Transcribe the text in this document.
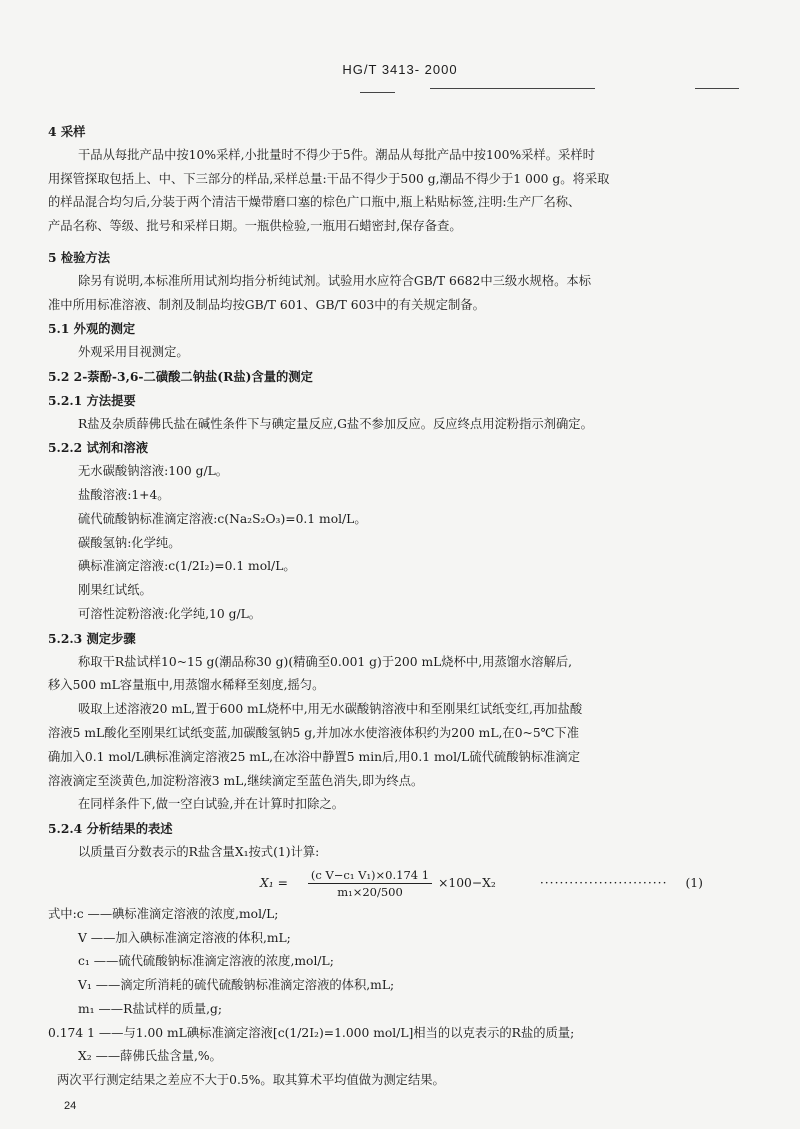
HG/T 3413- 2000

4 采样

干品从每批产品中按10%采样,小批量时不得少于5件。潮品从每批产品中按100%采样。采样时

用探管探取包括上、中、下三部分的样品,采样总量:干品不得少于500 g,潮品不得少于1 000 g。将采取

的样品混合均匀后,分装于两个清洁干燥带磨口塞的棕色广口瓶中,瓶上粘贴标签,注明:生产厂名称、

产品名称、等级、批号和采样日期。一瓶供检验,一瓶用石蜡密封,保存备查。

5 检验方法

除另有说明,本标准所用试剂均指分析纯试剂。试验用水应符合GB/T 6682中三级水规格。本标

准中所用标准溶液、制剂及制品均按GB/T 601、GB/T 603中的有关规定制备。

5.1 外观的测定

外观采用目视测定。

5.2 2-萘酚-3,6-二磺酸二钠盐(R盐)含量的测定

5.2.1 方法提要

R盐及杂质薛佛氏盐在碱性条件下与碘定量反应,G盐不参加反应。反应终点用淀粉指示剂确定。

5.2.2 试剂和溶液

无水碳酸钠溶液:100 g/L。

盐酸溶液:1+4。

硫代硫酸钠标准滴定溶液:c(Na₂S₂O₃)=0.1 mol/L。

碳酸氢钠:化学纯。

碘标准滴定溶液:c(1/2I₂)=0.1 mol/L。

刚果红试纸。

可溶性淀粉溶液:化学纯,10 g/L。

5.2.3 测定步骤

称取干R盐试样10~15 g(潮品称30 g)(精确至0.001 g)于200 mL烧杯中,用蒸馏水溶解后,

移入500 mL容量瓶中,用蒸馏水稀释至刻度,摇匀。

吸取上述溶液20 mL,置于600 mL烧杯中,用无水碳酸钠溶液中和至刚果红试纸变红,再加盐酸

溶液5 mL酸化至刚果红试纸变蓝,加碳酸氢钠5 g,并加冰水使溶液体积约为200 mL,在0~5℃下准

确加入0.1 mol/L碘标准滴定溶液25 mL,在冰浴中静置5 min后,用0.1 mol/L硫代硫酸钠标准滴定

溶液滴定至淡黄色,加淀粉溶液3 mL,继续滴定至蓝色消失,即为终点。

在同样条件下,做一空白试验,并在计算时扣除之。

5.2.4 分析结果的表述

以质量百分数表示的R盐含量X₁按式(1)计算:

$X_1 = \frac{\text{(c V−c₁ V₁)×0.174 1}}{\text{m₁×20/500}} \times 100-X_2$	·························· (1)

式中:c ——碘标准滴定溶液的浓度,mol/L;

V ——加入碘标准滴定溶液的体积,mL;

c₁ ——硫代硫酸钠标准滴定溶液的浓度,mol/L;

V₁ ——滴定所消耗的硫代硫酸钠标准滴定溶液的体积,mL;

m₁ ——R盐试样的质量,g;

0.174 1 ——与1.00 mL碘标准滴定溶液[c(1/2I₂)=1.000 mol/L]相当的以克表示的R盐的质量;

X₂ ——薛佛氏盐含量,%。

两次平行测定结果之差应不大于0.5%。取其算术平均值做为测定结果。

24
